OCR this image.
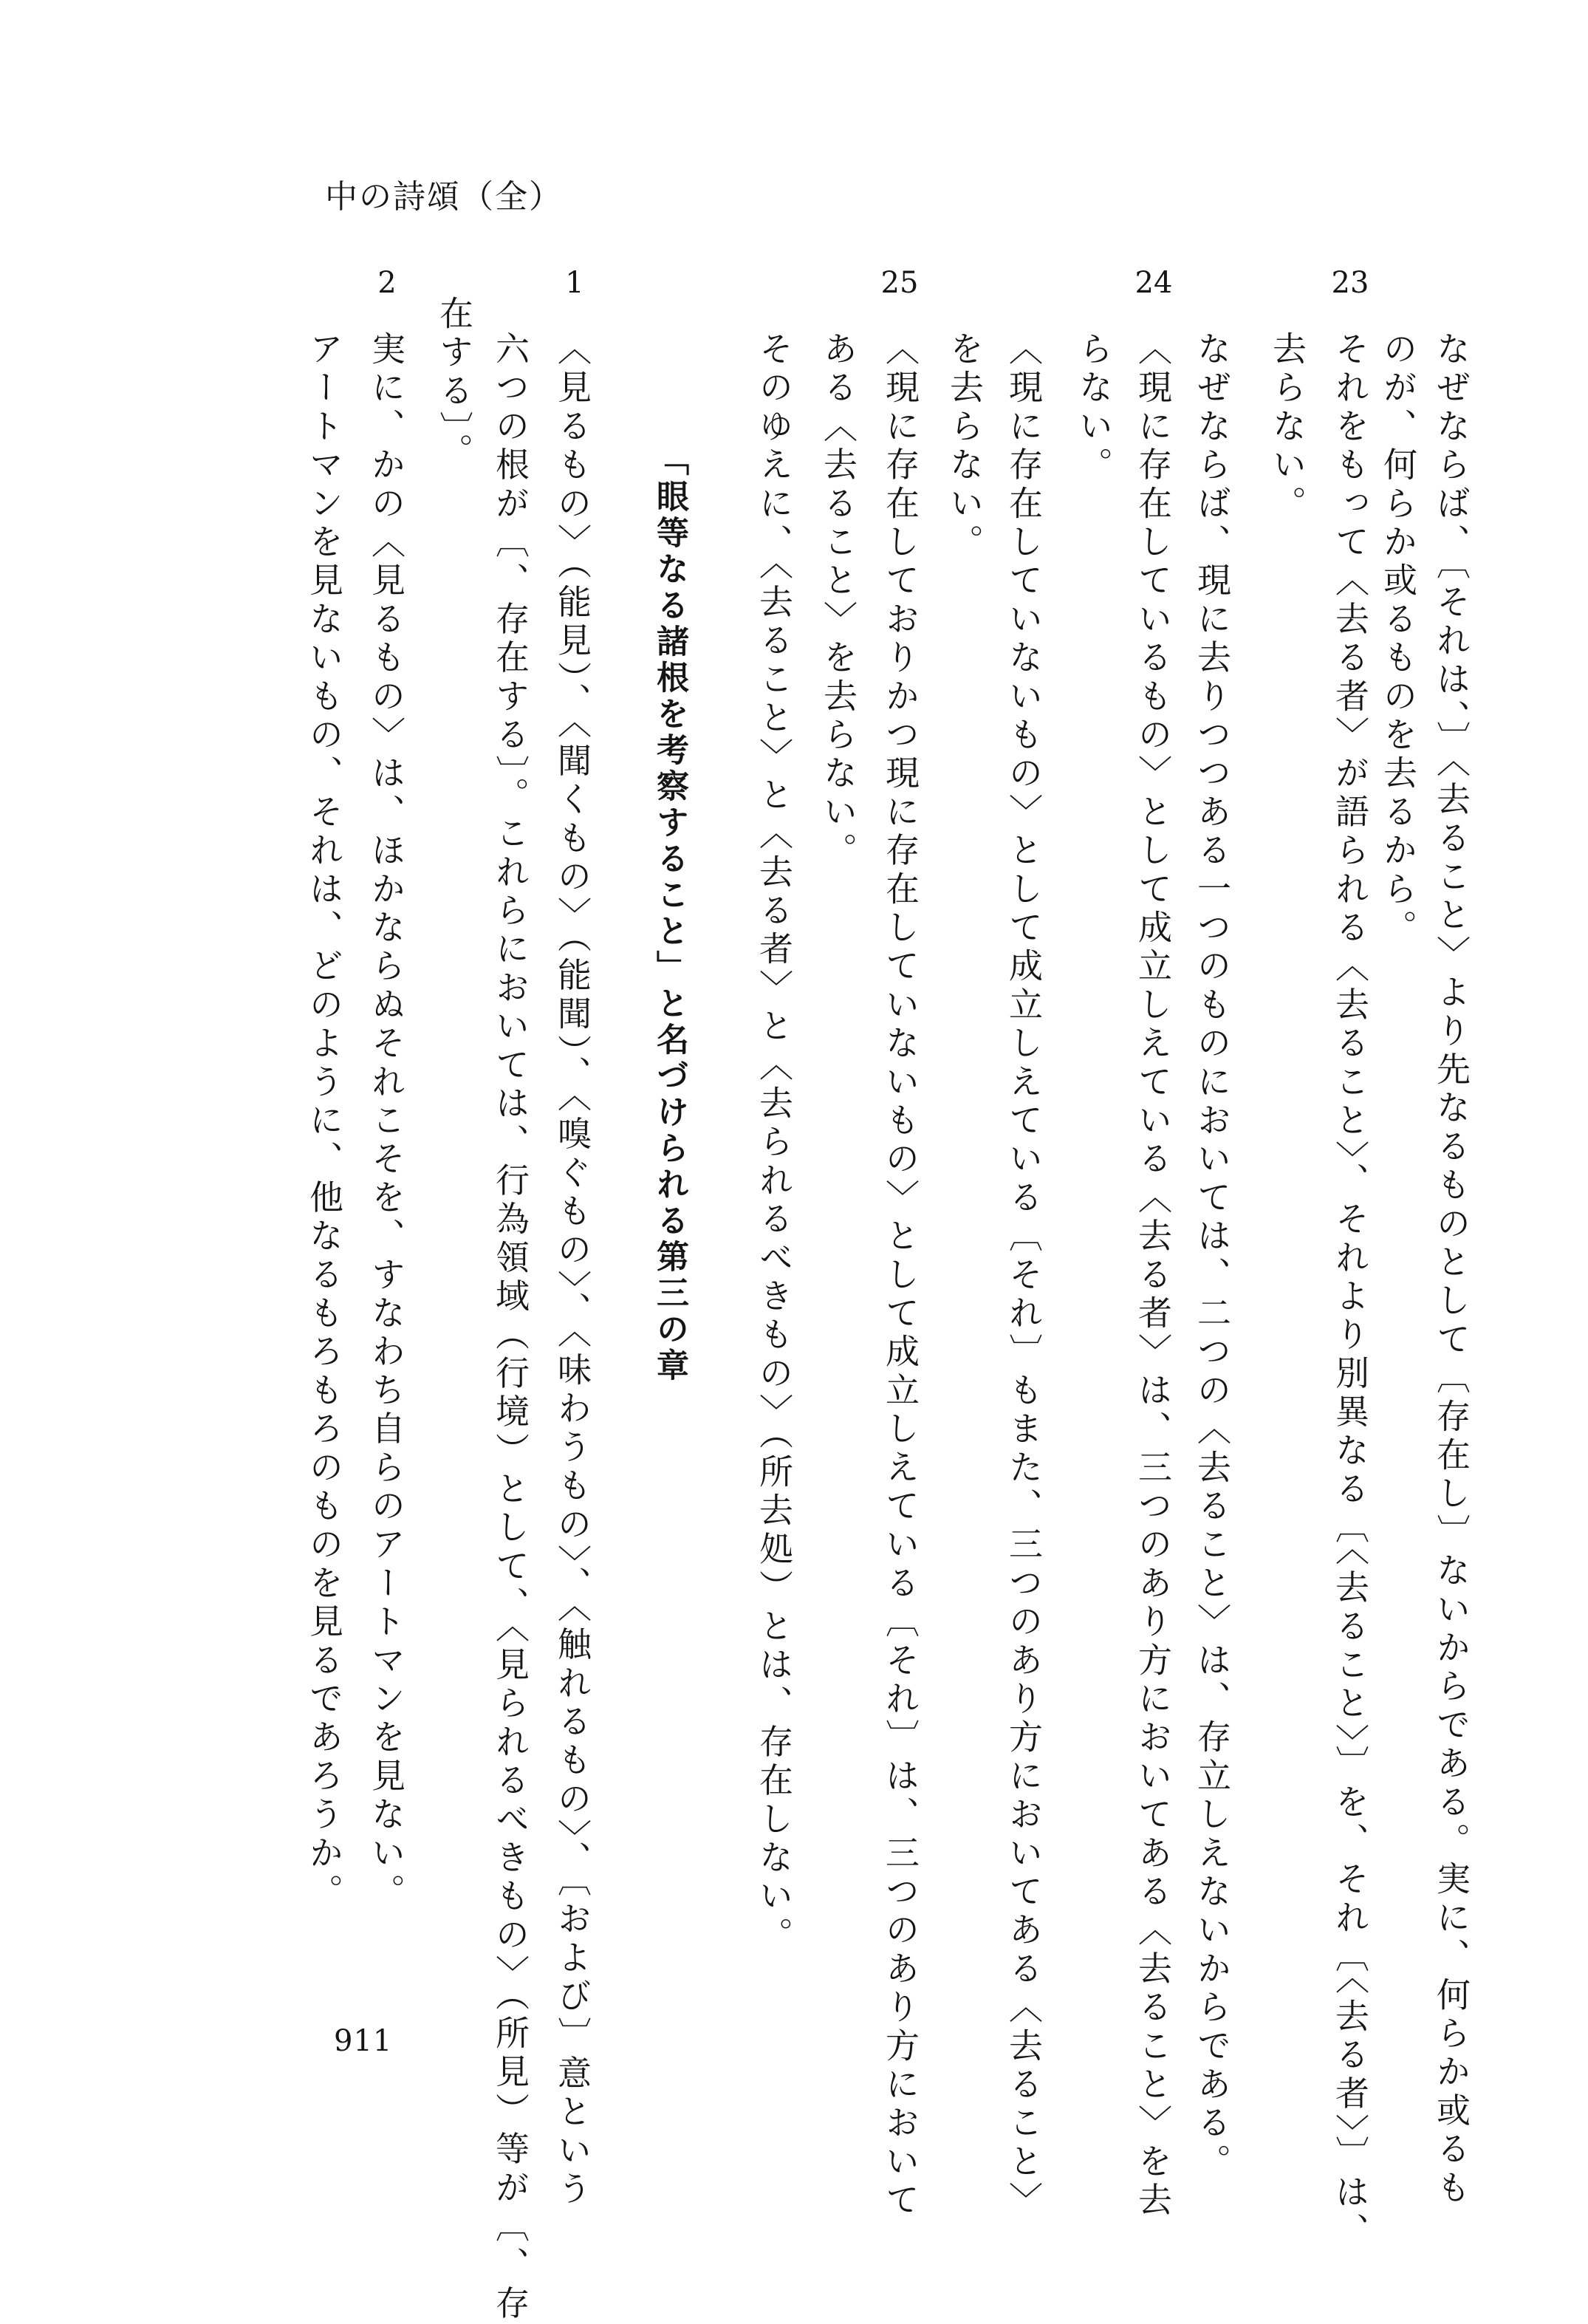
中の詩頌（全）
23
なぜならば、〔それは、〕〈去ること〉より先なるものとして〔存在し〕ないからである。実に、何らか或るも
のが、何らか或るものを去るから。
それをもって〈去る者〉が語られる〈去ること〉、それより別異なる〔〈去ること〉〕を、それ〔〈去る者〉〕は、
去らない。
24
なぜならば、現に去りつつある一つのものにおいては、二つの〈去ること〉は、存立しえないからである。
〈現に存在しているもの〉として成立しえている〈去る者〉は、三つのあり方においてある〈去ること〉を去
らない。
25
〈現に存在していないもの〉として成立しえている〔それ〕もまた、三つのあり方においてある〈去ること〉
を去らない。
〈現に存在しておりかつ現に存在していないもの〉として成立しえている〔それ〕は、三つのあり方において
ある〈去ること〉を去らない。
そのゆえに、〈去ること〉と〈去る者〉と〈去られるべきもの〉（所去処）とは、存在しない。
「眼等なる諸根を考察すること」と名づけられる第三の章
1
〈見るもの〉（能見）、〈聞くもの〉（能聞）、〈嗅ぐもの〉、〈味わうもの〉、〈触れるもの〉、〔および〕意という
六つの根が〔、存在する〕。これらにおいては、行為領域（行境）として、〈見られるべきもの〉（所見）等が〔、存
在する〕。
2
実に、かの〈見るもの〉は、ほかならぬそれこそを、すなわち自らのアートマンを見ない。
アートマンを見ないもの、それは、どのように、他なるもろもろのものを見るであろうか。
911
